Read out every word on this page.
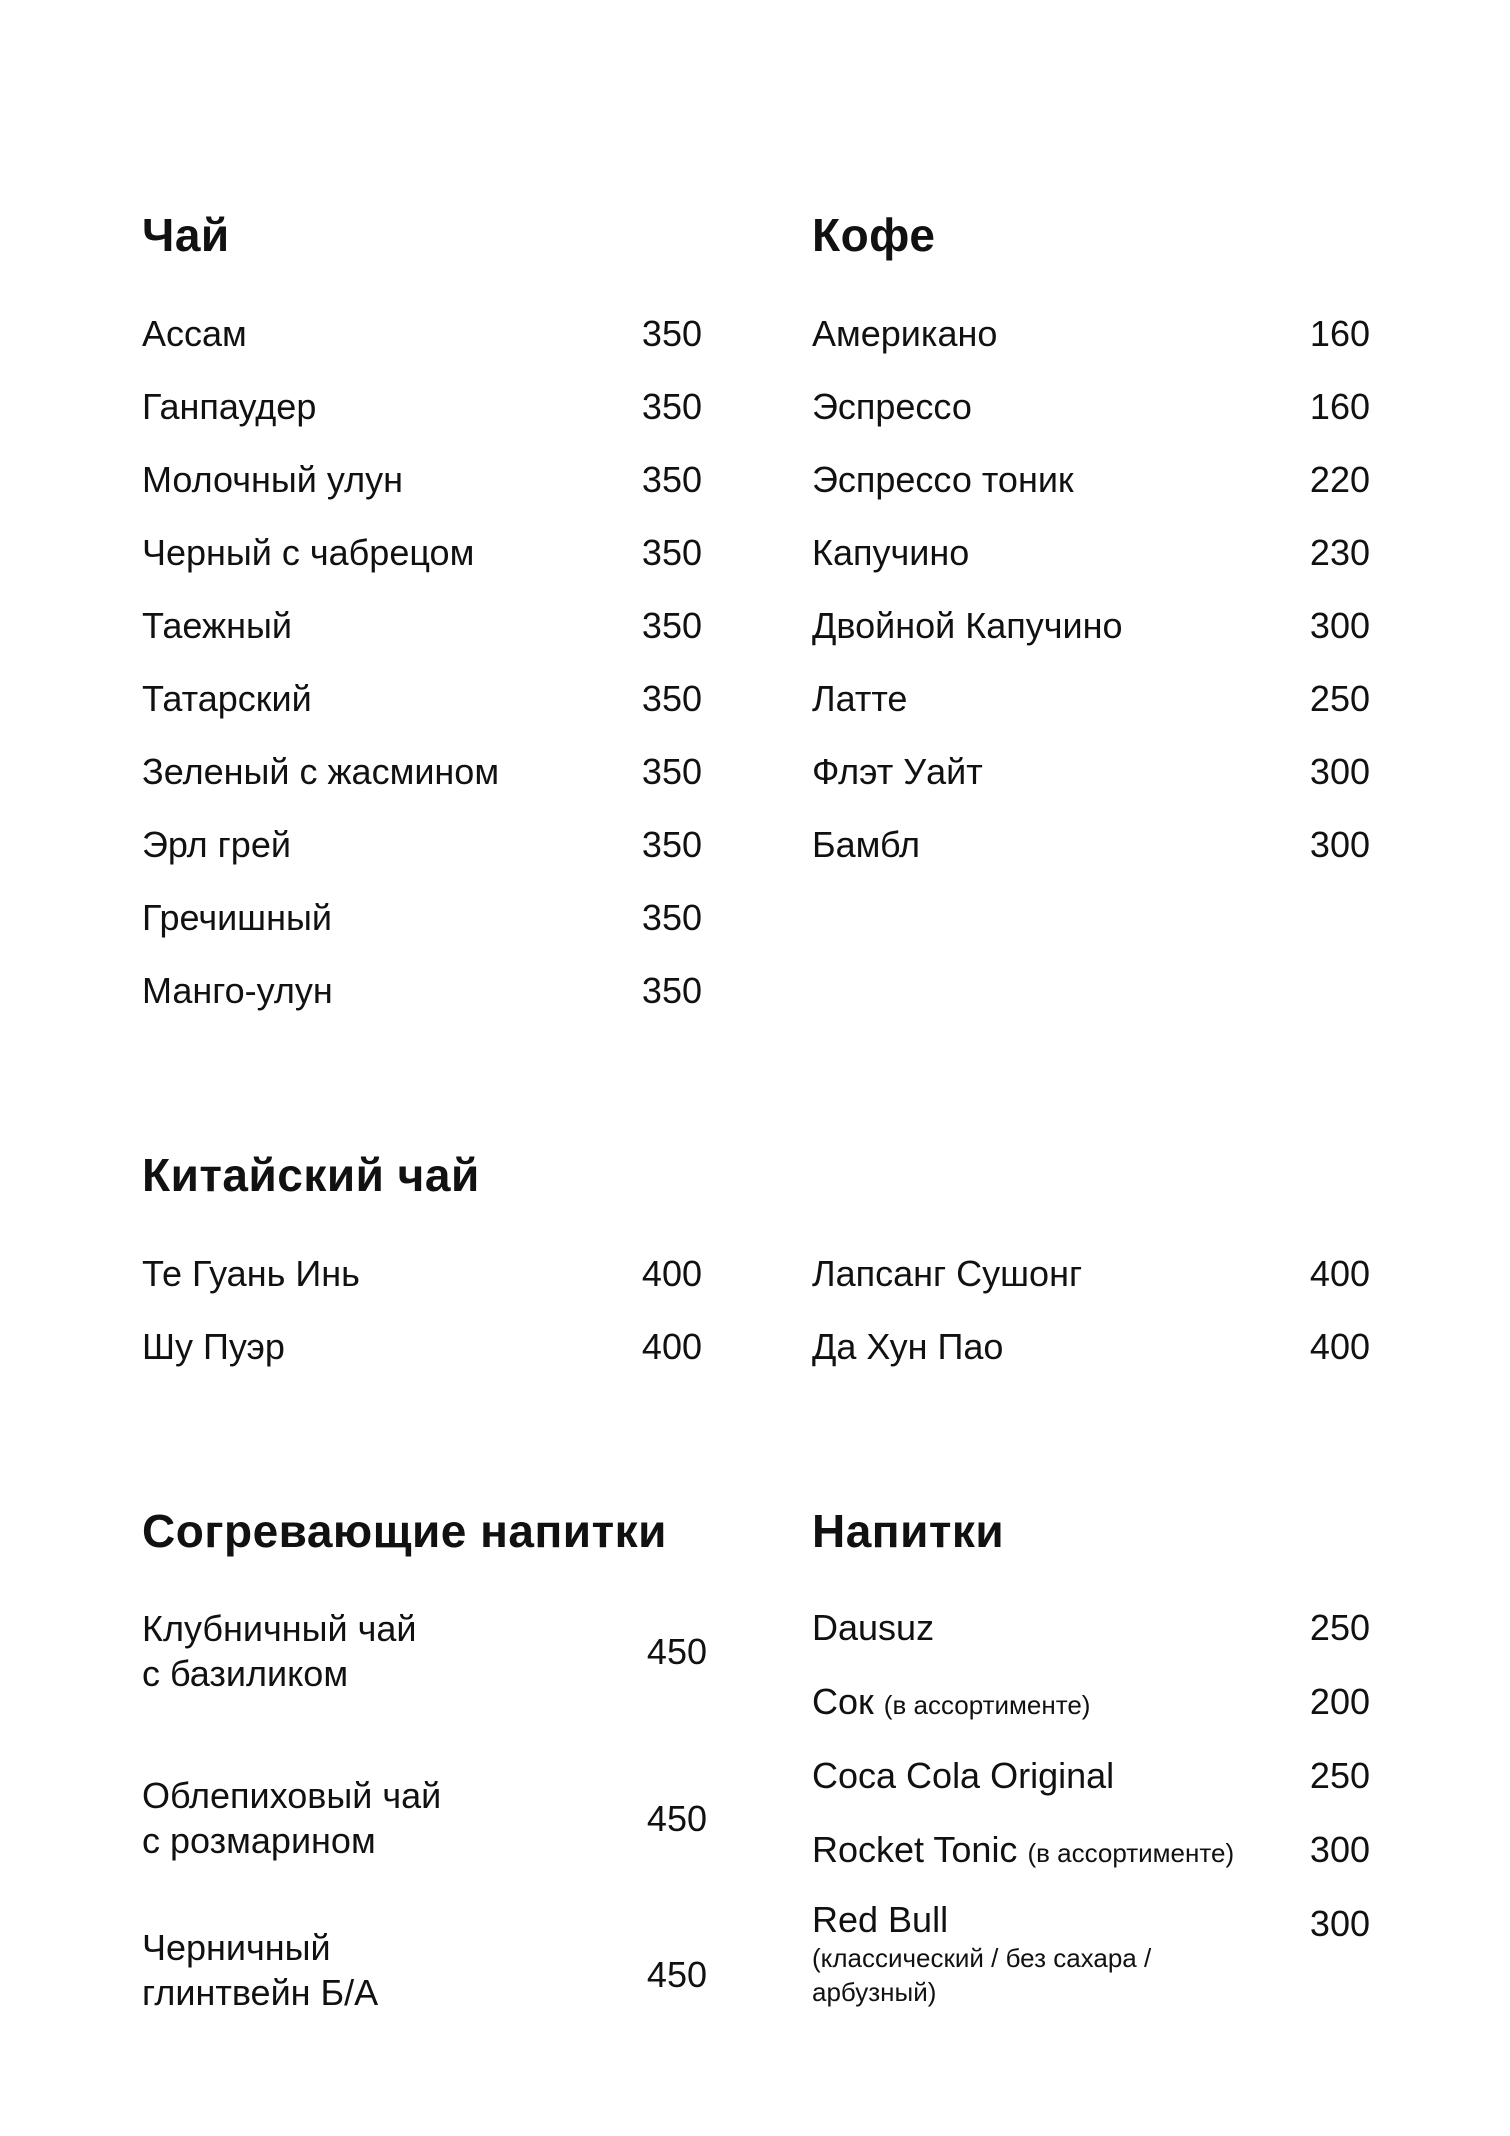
Чай
Ассам	350
Ганпаудер	350
Молочный улун	350
Черный с чабрецом	350
Таежный	350
Татарский	350
Зеленый с жасмином	350
Эрл грей	350
Гречишный	350
Манго-улун	350
Кофе
Американо	160
Эспрессо	160
Эспрессо тоник	220
Капучино	230
Двойной Капучино	300
Латте	250
Флэт Уайт	300
Бамбл	300
Китайский чай
Те Гуань Инь	400
Шу Пуэр	400
Лапсанг Сушонг	400
Да Хун Пао	400
Согревающие напитки
Клубничный чай
с базиликом
450
Облепиховый чай
с розмарином
450
Черничный
глинтвейн Б/А	450
Напитки
Dausuz	250
Сок (в ассортименте)	200
Coca Cola Original	250
Rocket Tonic (в ассортименте) 300
Red Bull
(классический / без сахара /
арбузный)
300
